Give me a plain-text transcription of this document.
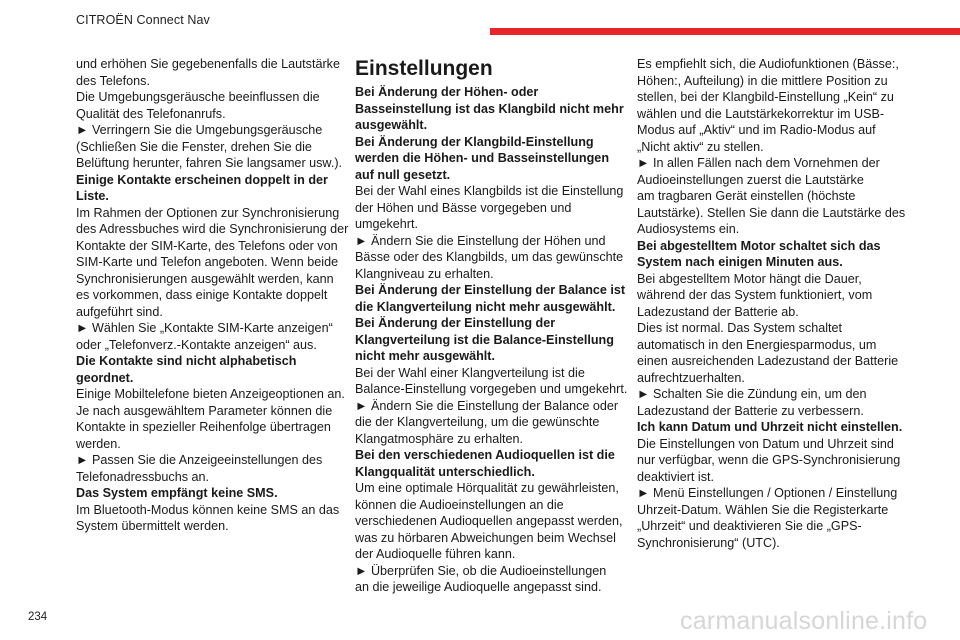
CITROËN Connect Nav
und erhöhen Sie gegebenenfalls die Lautstärke
des Telefons.
Die Umgebungsgeräusche beeinflussen die
Qualität des Telefonanrufs.
► Verringern Sie die Umgebungsgeräusche
(Schließen Sie die Fenster, drehen Sie die
Belüftung herunter, fahren Sie langsamer usw.).
Einige Kontakte erscheinen doppelt in der
Liste.
Im Rahmen der Optionen zur Synchronisierung
des Adressbuches wird die Synchronisierung der
Kontakte der SIM-Karte, des Telefons oder von
SIM-Karte und Telefon angeboten. Wenn beide
Synchronisierungen ausgewählt werden, kann
es vorkommen, dass einige Kontakte doppelt
aufgeführt sind.
► Wählen Sie „Kontakte SIM-Karte anzeigen“
oder „Telefonverz.-Kontakte anzeigen“ aus.
Die Kontakte sind nicht alphabetisch
geordnet.
Einige Mobiltelefone bieten Anzeigeoptionen an.
Je nach ausgewähltem Parameter können die
Kontakte in spezieller Reihenfolge übertragen
werden.
► Passen Sie die Anzeigeeinstellungen des
Telefonadressbuchs an.
Das System empfängt keine SMS.
Im Bluetooth-Modus können keine SMS an das
System übermittelt werden.
Einstellungen
Bei Änderung der Höhen- oder
Basseinstellung ist das Klangbild nicht mehr
ausgewählt.
Bei Änderung der Klangbild-Einstellung
werden die Höhen- und Basseinstellungen
auf null gesetzt.
Bei der Wahl eines Klangbilds ist die Einstellung
der Höhen und Bässe vorgegeben und
umgekehrt.
► Ändern Sie die Einstellung der Höhen und
Bässe oder des Klangbilds, um das gewünschte
Klangniveau zu erhalten.
Bei Änderung der Einstellung der Balance ist
die Klangverteilung nicht mehr ausgewählt.
Bei Änderung der Einstellung der
Klangverteilung ist die Balance-Einstellung
nicht mehr ausgewählt.
Bei der Wahl einer Klangverteilung ist die
Balance-Einstellung vorgegeben und umgekehrt.
► Ändern Sie die Einstellung der Balance oder
die der Klangverteilung, um die gewünschte
Klangatmosphäre zu erhalten.
Bei den verschiedenen Audioquellen ist die
Klangqualität unterschiedlich.
Um eine optimale Hörqualität zu gewährleisten,
können die Audioeinstellungen an die
verschiedenen Audioquellen angepasst werden,
was zu hörbaren Abweichungen beim Wechsel
der Audioquelle führen kann.
► Überprüfen Sie, ob die Audioeinstellungen
an die jeweilige Audioquelle angepasst sind.
Es empfiehlt sich, die Audiofunktionen (Bässe:,
Höhen:, Aufteilung) in die mittlere Position zu
stellen, bei der Klangbild-Einstellung „Kein“ zu
wählen und die Lautstärkekorrektur im USB-
Modus auf „Aktiv“ und im Radio-Modus auf
„Nicht aktiv“ zu stellen.
► In allen Fällen nach dem Vornehmen der
Audioeinstellungen zuerst die Lautstärke
am tragbaren Gerät einstellen (höchste
Lautstärke). Stellen Sie dann die Lautstärke des
Audiosystems ein.
Bei abgestelltem Motor schaltet sich das
System nach einigen Minuten aus.
Bei abgestelltem Motor hängt die Dauer,
während der das System funktioniert, vom
Ladezustand der Batterie ab.
Dies ist normal. Das System schaltet
automatisch in den Energiesparmodus, um
einen ausreichenden Ladezustand der Batterie
aufrechtzuerhalten.
► Schalten Sie die Zündung ein, um den
Ladezustand der Batterie zu verbessern.
Ich kann Datum und Uhrzeit nicht einstellen.
Die Einstellungen von Datum und Uhrzeit sind
nur verfügbar, wenn die GPS-Synchronisierung
deaktiviert ist.
► Menü Einstellungen / Optionen / Einstellung
Uhrzeit-Datum. Wählen Sie die Registerkarte
„Uhrzeit“ und deaktivieren Sie die „GPS-
Synchronisierung“ (UTC).
234	carmanualsonline.info
